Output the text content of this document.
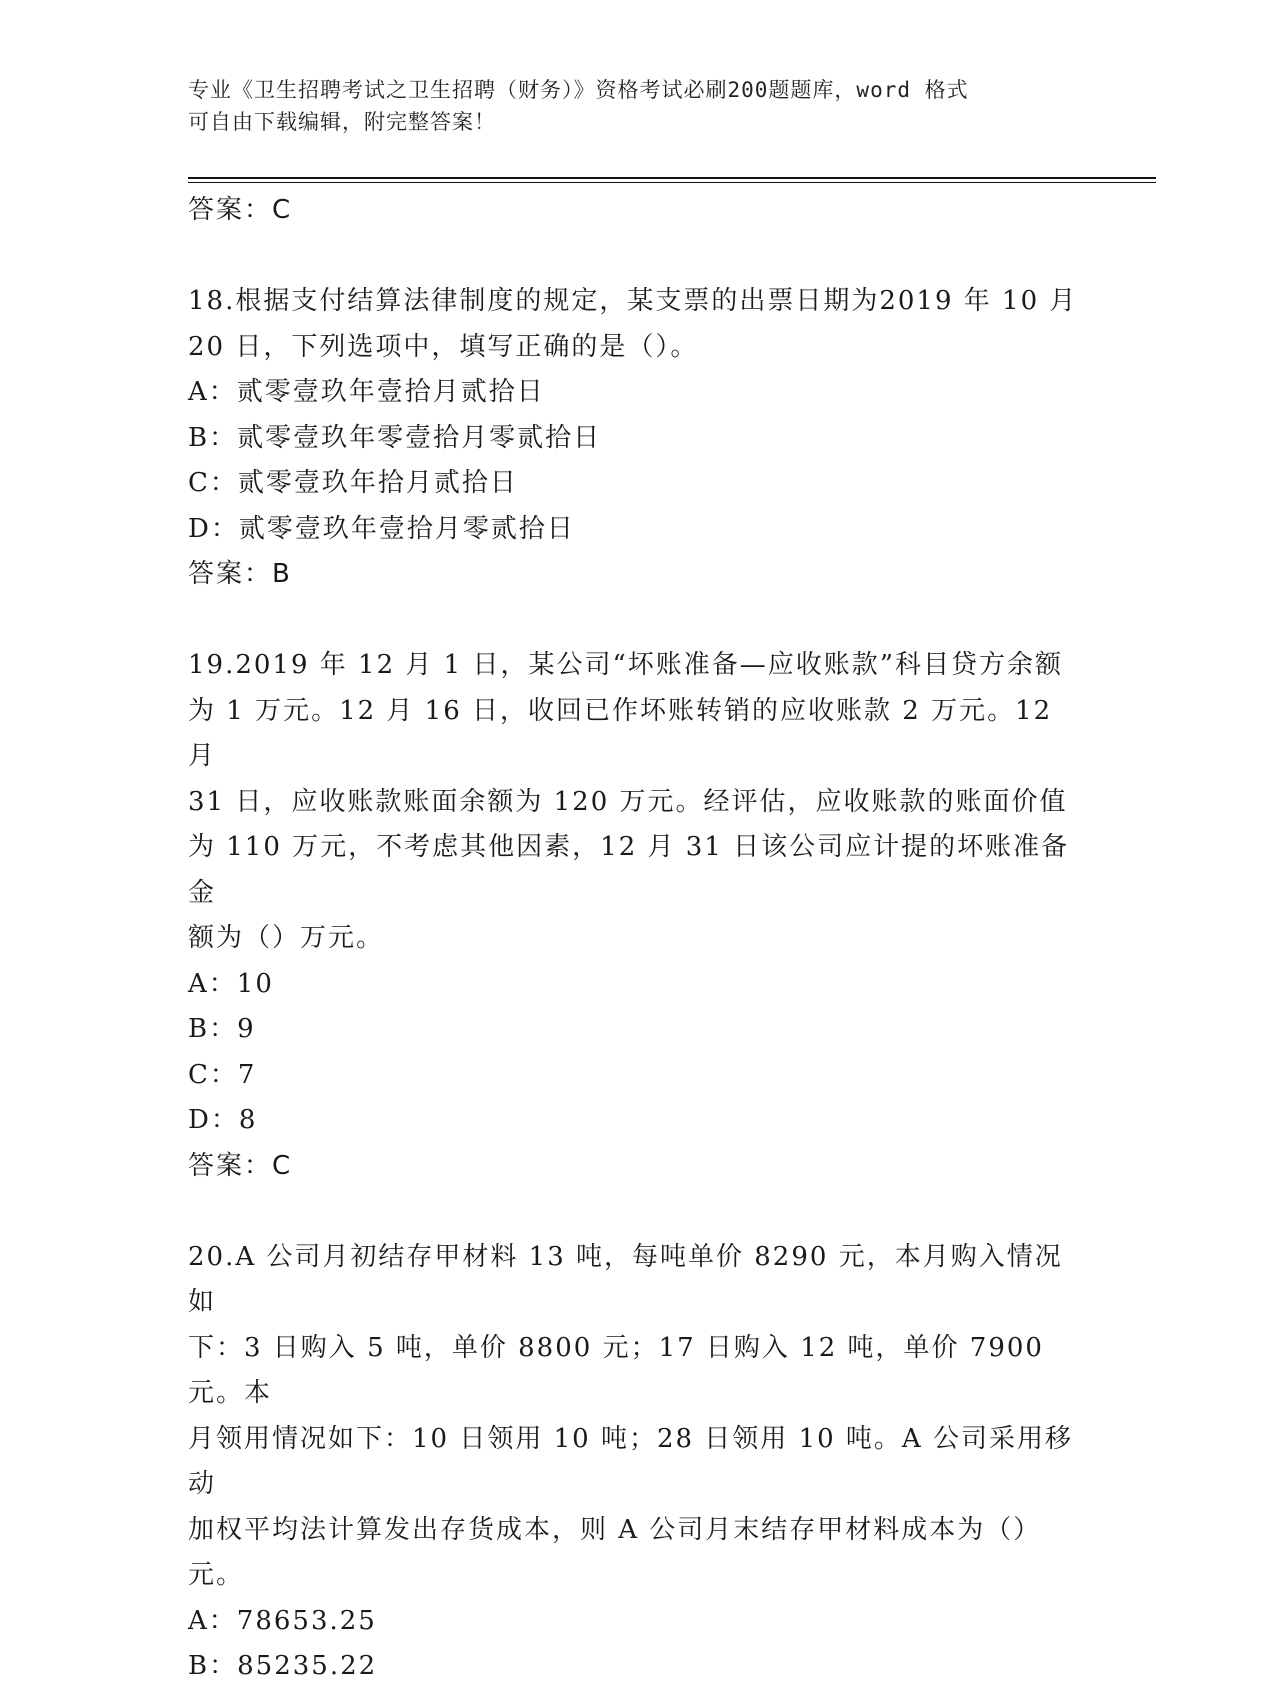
专业《卫生招聘考试之卫生招聘（财务）》资格考试必刷200题题库，word 格式
可自由下载编辑，附完整答案！
答案：C
18.根据支付结算法律制度的规定，某支票的出票日期为2019 年 10 月
20 日，下列选项中，填写正确的是（）。
A：贰零壹玖年壹拾月贰拾日
B：贰零壹玖年零壹拾月零贰拾日
C：贰零壹玖年拾月贰拾日
D：贰零壹玖年壹拾月零贰拾日
答案：B
19.2019 年 12 月 1 日，某公司“坏账准备—应收账款”科目贷方余额
为 1 万元。12 月 16 日，收回已作坏账转销的应收账款 2 万元。12 月
31 日，应收账款账面余额为 120 万元。经评估，应收账款的账面价值
为 110 万元，不考虑其他因素，12 月 31 日该公司应计提的坏账准备金
额为（）万元。
A：10
B：9
C：7
D：8
答案：C
20.A 公司月初结存甲材料 13 吨，每吨单价 8290 元，本月购入情况如
下：3 日购入 5 吨，单价 8800 元；17 日购入 12 吨，单价 7900 元。本
月领用情况如下：10 日领用 10 吨；28 日领用 10 吨。A 公司采用移动
加权平均法计算发出存货成本，则 A 公司月末结存甲材料成本为（）
元。
A：78653.25
B：85235.22
